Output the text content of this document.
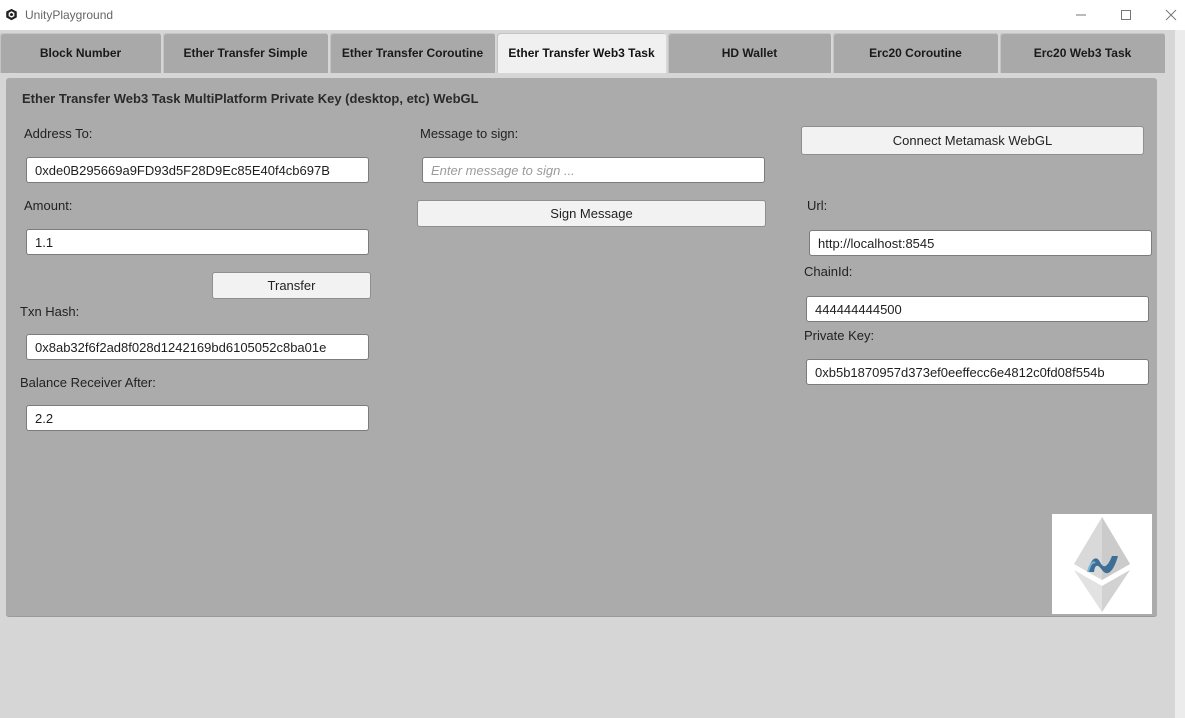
UnityPlayground
Block Number	Ether Transfer Simple	Ether Transfer Coroutine	Ether Transfer Web3 Task	HD Wallet	Erc20 Coroutine	Erc20 Web3 Task
Ether Transfer Web3 Task MultiPlatform Private Key (desktop, etc) WebGL
Address To:
0xde0B295669a9FD93d5F28D9Ec85E40f4cb697B
Amount:
1.1
Transfer
Txn Hash:
0x8ab32f6f2ad8f028d1242169bd6105052c8ba01e
Balance Receiver After:
2.2
Message to sign:
Enter message to sign ...
Sign Message
Connect Metamask WebGL
Url:
http://localhost:8545
ChainId:
444444444500
Private Key:
0xb5b1870957d373ef0eeffecc6e4812c0fd08f554b
